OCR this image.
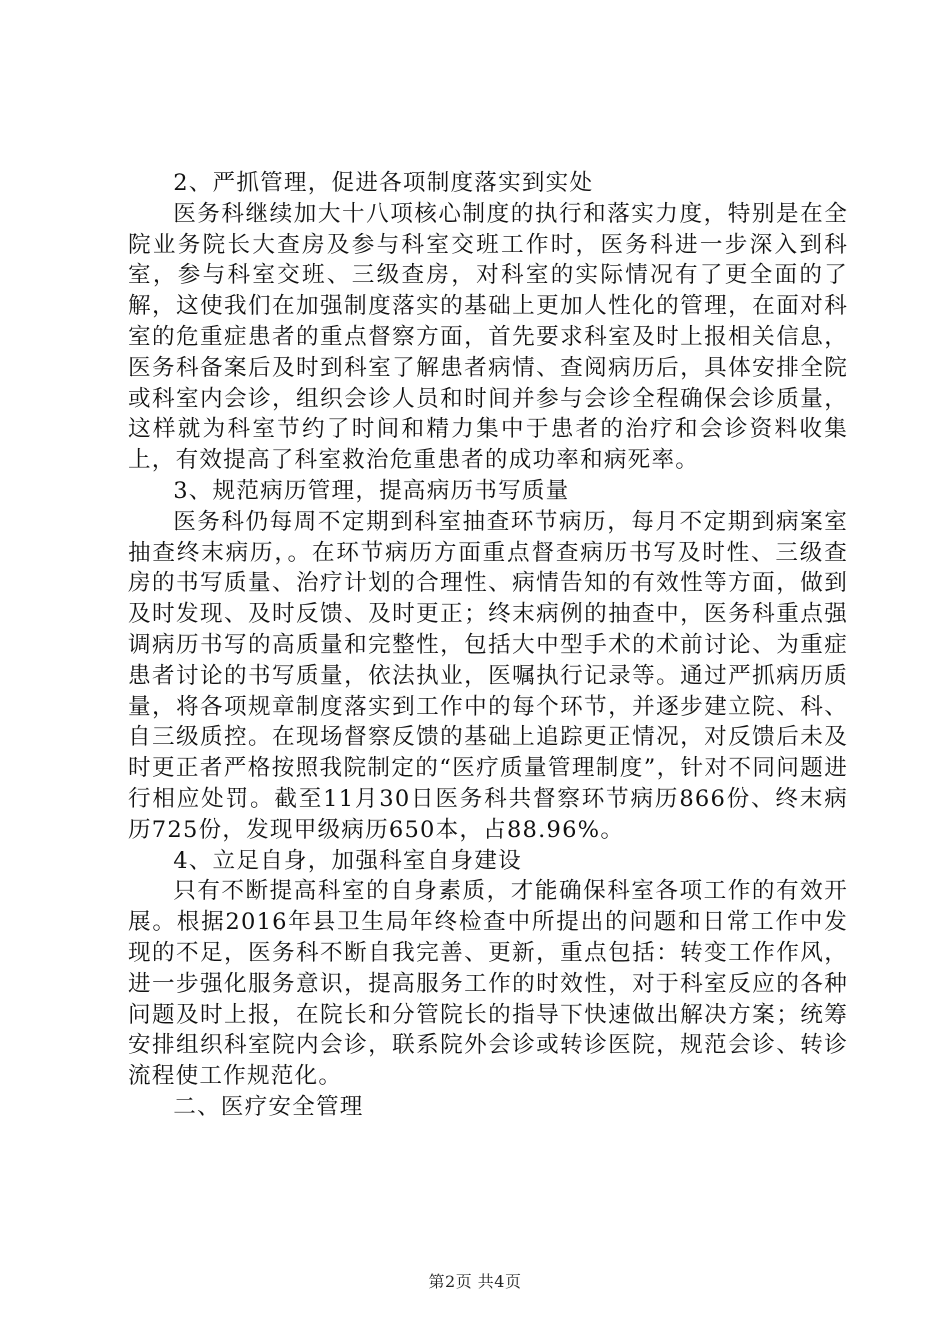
2、严抓管理，促进各项制度落实到实处

医务科继续加大十八项核心制度的执行和落实力度，特别是在全院业务院长大查房及参与科室交班工作时，医务科进一步深入到科室，参与科室交班、三级查房，对科室的实际情况有了更全面的了解，这使我们在加强制度落实的基础上更加人性化的管理，在面对科室的危重症患者的重点督察方面，首先要求科室及时上报相关信息，医务科备案后及时到科室了解患者病情、查阅病历后，具体安排全院或科室内会诊，组织会诊人员和时间并参与会诊全程确保会诊质量，这样就为科室节约了时间和精力集中于患者的治疗和会诊资料收集上，有效提高了科室救治危重患者的成功率和病死率。

3、规范病历管理，提高病历书写质量

医务科仍每周不定期到科室抽查环节病历，每月不定期到病案室抽查终末病历，。在环节病历方面重点督查病历书写及时性、三级查房的书写质量、治疗计划的合理性、病情告知的有效性等方面，做到及时发现、及时反馈、及时更正；终末病例的抽查中，医务科重点强调病历书写的高质量和完整性，包括大中型手术的术前讨论、为重症患者讨论的书写质量，依法执业，医嘱执行记录等。通过严抓病历质量，将各项规章制度落实到工作中的每个环节，并逐步建立院、科、自三级质控。在现场督察反馈的基础上追踪更正情况，对反馈后未及时更正者严格按照我院制定的“医疗质量管理制度”，针对不同问题进行相应处罚。截至11月30日医务科共督察环节病历866份、终末病历725份，发现甲级病历650本，占88.96%。

4、立足自身，加强科室自身建设

只有不断提高科室的自身素质，才能确保科室各项工作的有效开展。根据2016年县卫生局年终检查中所提出的问题和日常工作中发现的不足，医务科不断自我完善、更新，重点包括：转变工作作风，进一步强化服务意识，提高服务工作的时效性，对于科室反应的各种问题及时上报，在院长和分管院长的指导下快速做出解决方案；统筹安排组织科室院内会诊，联系院外会诊或转诊医院，规范会诊、转诊流程使工作规范化。

二、医疗安全管理

第2页 共4页
